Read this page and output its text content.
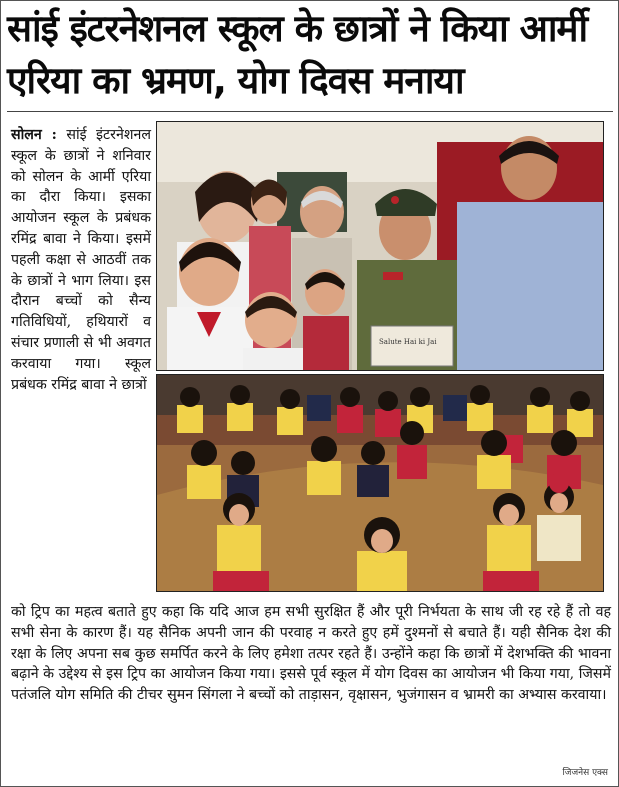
सांई इंटरनेशनल स्कूल के छात्रों ने किया आर्मी
एरिया का भ्रमण, योग दिवस मनाया
सोलन : सांई इंटरनेशनल स्कूल के छात्रों ने शनिवार को सोलन के आर्मी एरिया का दौरा किया। इसका आयोजन स्कूल के प्रबंधक रमिंद्र बावा ने किया। इसमें पहली कक्षा से आठवीं तक के छात्रों ने भाग लिया। इस दौरान बच्चों को सैन्य गतिविधियों, हथियारों व संचार प्रणाली से भी अवगत करवाया गया। स्कूल प्रबंधक रमिंद्र बावा ने छात्रों
Salute Hai ki Jai
को ट्रिप का महत्व बताते हुए कहा कि यदि आज हम सभी सुरक्षित हैं और पूरी निर्भयता के साथ जी रह रहे हैं तो वह सभी सेना के कारण हैं। यह सैनिक अपनी जान की परवाह न करते हुए हमें दुश्मनों से बचाते हैं। यही सैनिक देश की रक्षा के लिए अपना सब कुछ समर्पित करने के लिए हमेशा तत्पर रहते हैं। उन्होंने कहा कि छात्रों में देशभक्ति की भावना बढ़ाने के उद्देश्य से इस ट्रिप का आयोजन किया गया। इससे पूर्व स्कूल में योग दिवस का आयोजन भी किया गया, जिसमें पतंजलि योग समिति की टीचर सुमन सिंगला ने बच्चों को ताड़ासन, वृक्षासन, भुजंगासन व भ्रामरी का अभ्यास करवाया।
जिजनेस एक्स
